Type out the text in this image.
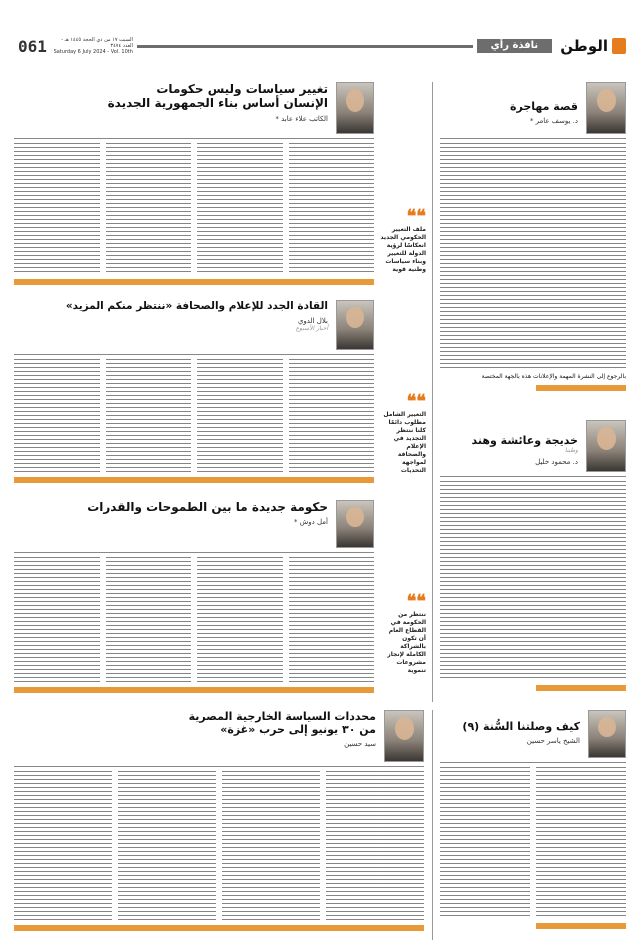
الوطن
نافذة رأي
السبت ١٧ من ذي الحجة ١٤٤٥ هـ - العدد ٣٤٧٤
Saturday 6 July 2024 - Vol. 10th
061
تغيير سياسات وليس حكومات
الإنسان أساس بناء الجمهورية الجديدة
الكاتب علاء عابد *
❝❝
ملف التغيير الحكومي الجديد انعكاسًا لرؤية الدولة للتغيير وبناء سياسات وطنية قوية
القادة الجدد للإعلام والصحافة «ننتظر منكم المزيد»
بلال الدوي
أخبار الأسبوع
❝❝
التغيير الشامل مطلوب دائمًا كلنا ننتظر التجديد في الإعلام والصحافة لمواجهة التحديات
حكومة جديدة ما بين الطموحات والقدرات
أمل دوش *
❝❝
ننتظر من الحكومة في القطاع العام أن تكون بالشراكة الكاملة لإنجاز مشروعات تنموية
قصة مهاجرة
د. يوسف عامر *
بالرجوع إلى النشرة المهمة والإعلانات هذه بالجهة المختصة
خديجة وعائشة وهند
وطننا
د. محمود خليل
محددات السياسة الخارجية المصرية
من ٣٠ يونيو إلى حرب «غزة»
سيد حسين
كيف وصلتنا السُّنة (٩)
الشيخ ياسر حسين
